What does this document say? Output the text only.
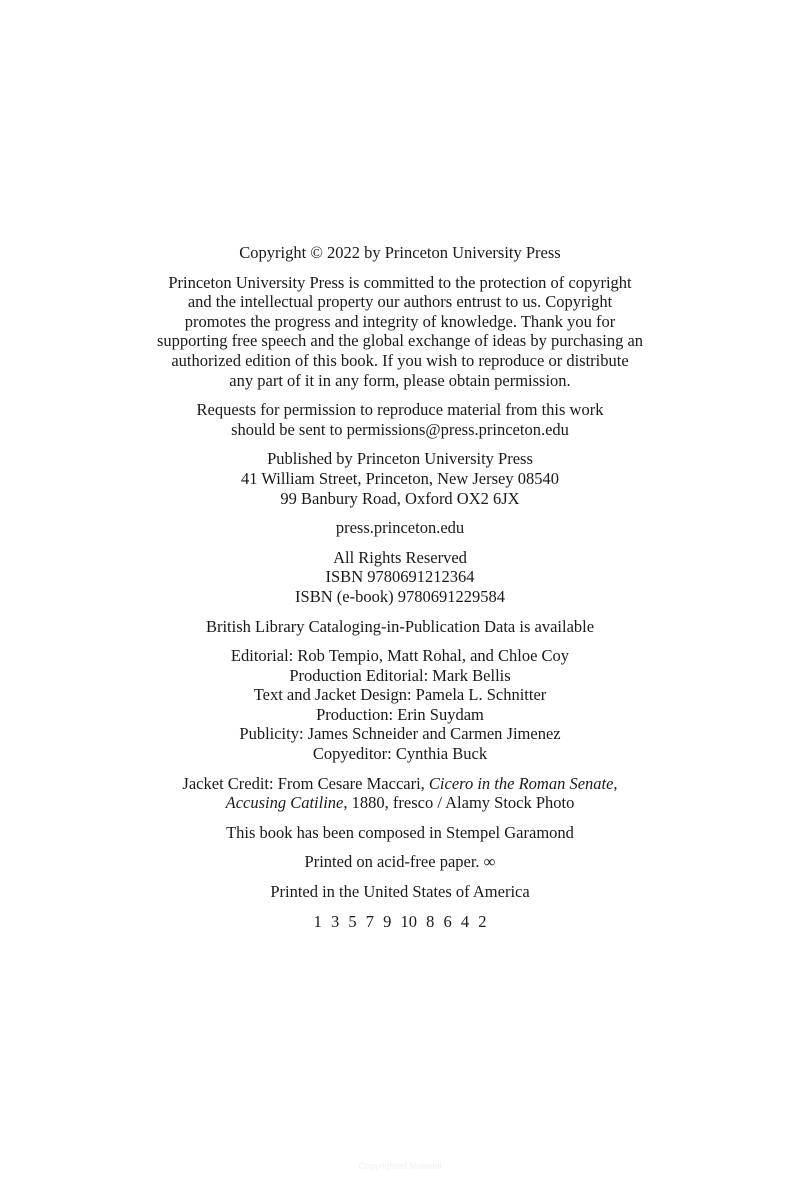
Copyright © 2022 by Princeton University Press
Princeton University Press is committed to the protection of copyright
and the intellectual property our authors entrust to us. Copyright
promotes the progress and integrity of knowledge. Thank you for
supporting free speech and the global exchange of ideas by purchasing an
authorized edition of this book. If you wish to reproduce or distribute
any part of it in any form, please obtain permission.
Requests for permission to reproduce material from this work
should be sent to permissions@press.princeton.edu
Published by Princeton University Press
41 William Street, Princeton, New Jersey 08540
99 Banbury Road, Oxford OX2 6JX
press.princeton.edu
All Rights Reserved
ISBN 9780691212364
ISBN (e-book) 9780691229584
British Library Cataloging-in-Publication Data is available
Editorial: Rob Tempio, Matt Rohal, and Chloe Coy
Production Editorial: Mark Bellis
Text and Jacket Design: Pamela L. Schnitter
Production: Erin Suydam
Publicity: James Schneider and Carmen Jimenez
Copyeditor: Cynthia Buck
Jacket Credit: From Cesare Maccari, Cicero in the Roman Senate,
Accusing Catiline, 1880, fresco / Alamy Stock Photo
This book has been composed in Stempel Garamond
Printed on acid-free paper. ∞
Printed in the United States of America
1 3 5 7 9 10 8 6 4 2
Copyrighted Material
